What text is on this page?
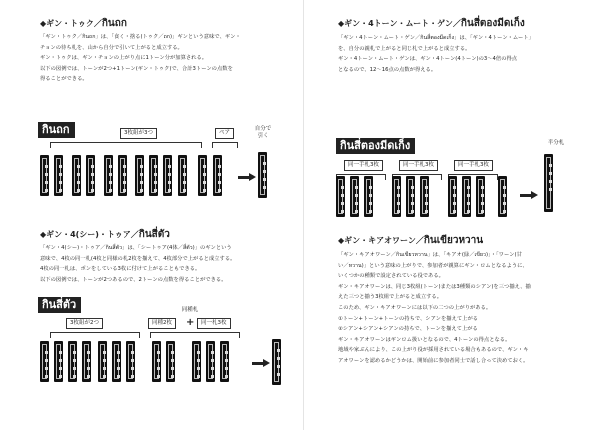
◆ギン・トゥク／กินถก
「ギン・トゥク／กินถก」は、「食く・捨る(トゥク／ถก)」ギンという意味で、ギン・
チョンの待ち札を、山から自分で引いて上がると成立する。
ギン・トゥクは、ギン・チョンの上がり点に1トーン分が加算される。
以下の図例では、トーンが2つ+1トーン(ギン・トゥク)で、合計3トーンの点数を
得ることができる。
กินถก	3枚組が3つ	ペア
自分で
引く
◆ギン・4(シー)・トゥア／กินสี่ตัว
「ギン・4(シー)・トゥア／กินสี่ตัว」は、「シートゥア(4体／สี่ตัว)」のギンという
意味で、4枚の同一札(4枚と同様の札2枚を揃えて、4枚部分で上がると成立する。
4枚の同一札は、ポンをしている3枚に付けて上がることもできる。
以下の図例では、トーンが2つあるので、2トーンの点数を得ることができる。
กินสี่ตัว	同種札
3枚組が2つ	同種2枚	+	同一札3枚
◆ギン・4トーン・ムート・ゲン／กินสี่ตองมีดเก็ง
「ギン・4トーン・ムート・ゲン／กินสี่ตองมีดเก็ง」は、「ギン・4トーン・ムート」
を、自分の親札で上がると同じ札で上がると成立する。
ギン・4トーン・ムート・ゲンは、ギン・4トーン(4トーン)の3〜4倍の得点
となるので、12〜16点の点数が得える。
กินสี่ตองมีดเก็ง	半分札
同一手札3枚	同一手札3枚	同一手札3枚
◆ギン・キアオワーン／กินเขียวหวาน
「ギン・キアオワーン／กินเขียวหวาน」は、「キアオ(緑／เขียว)」・「ワーン(甘
い／หวาน)」という意味の上がりで、参加者が親算にギン・ロムとなるように、
いくつかの種類で設定されている役である。
ギン・キアオワーンは、同じ3枚組(トーン)または3種類のシアン)を三つ揃え、揃
えた三つと揃う3枚組で上がると成立する。
このため、ギン・キアオワーンには以下の二つの上がりがある。
①トーン+トーン+トーンの持ちで、シアンを揃えて上がる
②シアン+シアン+シアンの持ちで、トーンを揃えて上がる
ギン・キアオワーンはギンロム扱いとなるので、4トーンの得点となる。
地域や家ぶんにより、この上がり役が採用されている場合もあるので、ギン・キ
アオワーンを認めるかどうかは、開始前に参加者同士で話し合って決めておく。
